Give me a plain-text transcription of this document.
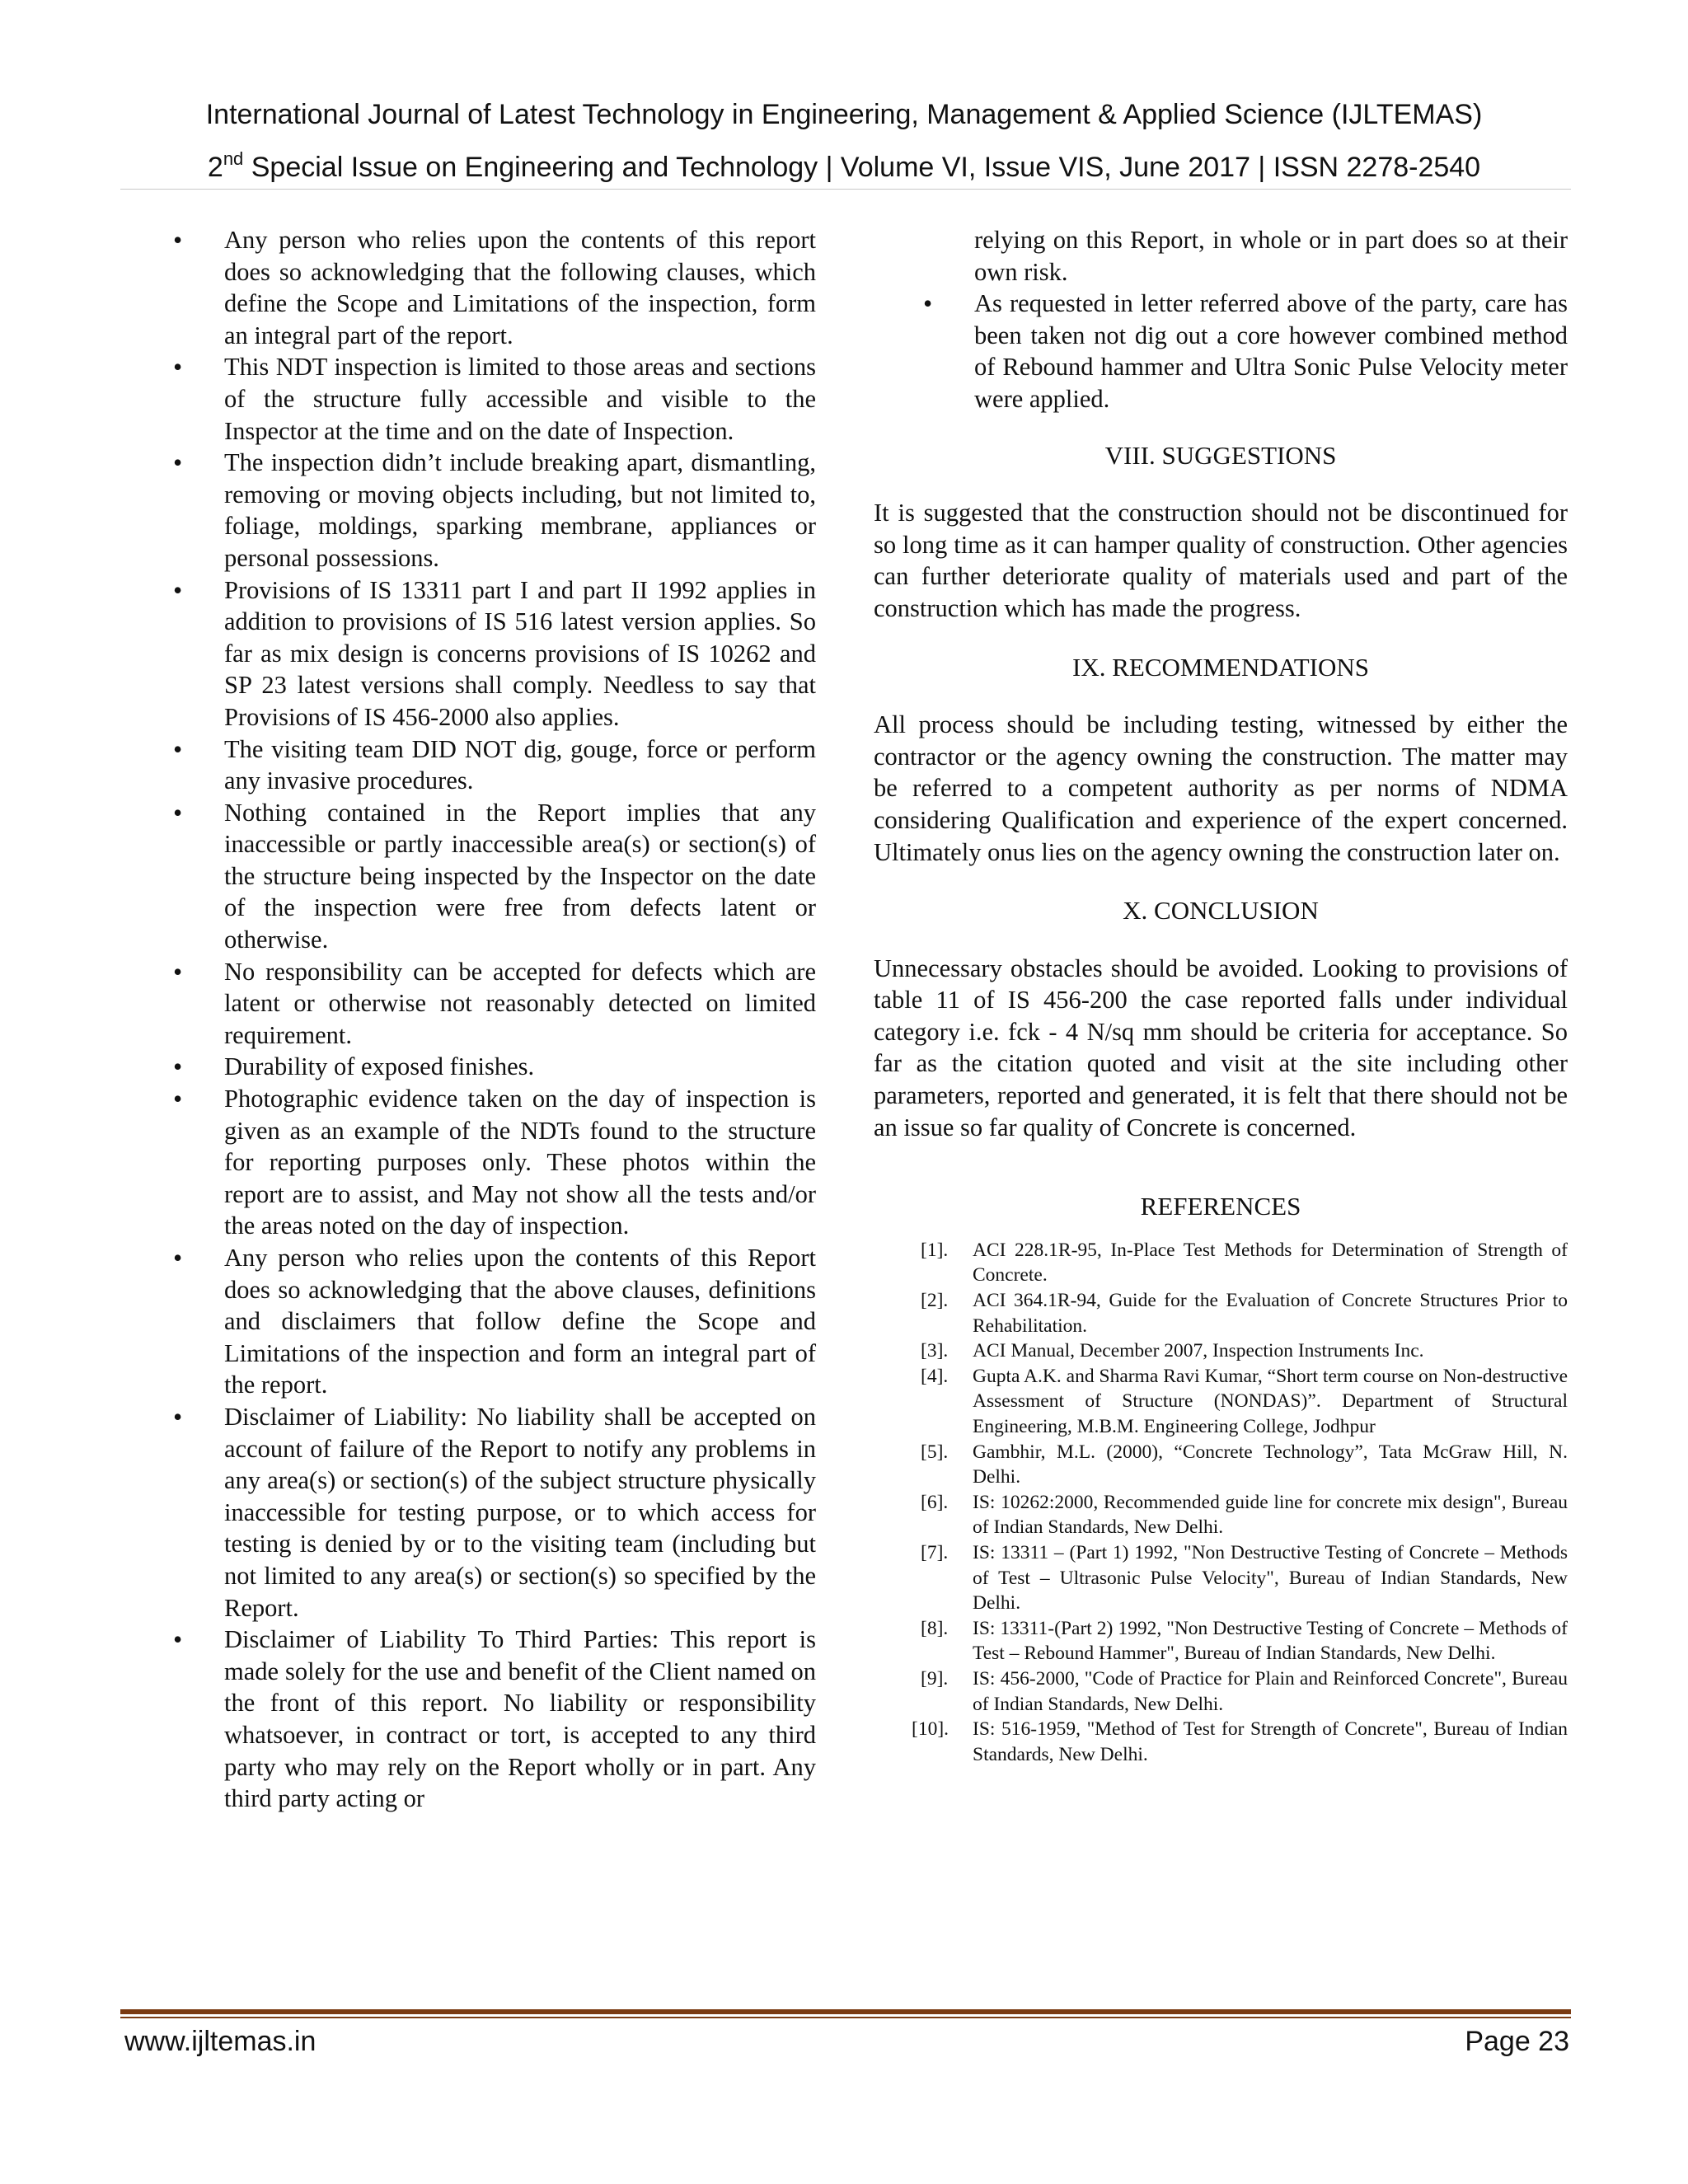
International Journal of Latest Technology in Engineering, Management & Applied Science (IJLTEMAS)
2nd Special Issue on Engineering and Technology | Volume VI, Issue VIS, June 2017 | ISSN 2278-2540
• Any person who relies upon the contents of this report does so acknowledging that the following clauses, which define the Scope and Limitations of the inspection, form an integral part of the report.
• This NDT inspection is limited to those areas and sections of the structure fully accessible and visible to the Inspector at the time and on the date of Inspection.
• The inspection didn’t include breaking apart, dismantling, removing or moving objects including, but not limited to, foliage, moldings, sparking membrane, appliances or personal possessions.
• Provisions of IS 13311 part I and part II 1992 applies in addition to provisions of IS 516 latest version applies. So far as mix design is concerns provisions of IS 10262 and SP 23 latest versions shall comply. Needless to say that Provisions of IS 456-2000 also applies.
• The visiting team DID NOT dig, gouge, force or perform any invasive procedures.
• Nothing contained in the Report implies that any inaccessible or partly inaccessible area(s) or section(s) of the structure being inspected by the Inspector on the date of the inspection were free from defects latent or otherwise.
• No responsibility can be accepted for defects which are latent or otherwise not reasonably detected on limited requirement.
• Durability of exposed finishes.
• Photographic evidence taken on the day of inspection is given as an example of the NDTs found to the structure for reporting purposes only. These photos within the report are to assist, and May not show all the tests and/or the areas noted on the day of inspection.
• Any person who relies upon the contents of this Report does so acknowledging that the above clauses, definitions and disclaimers that follow define the Scope and Limitations of the inspection and form an integral part of the report.
• Disclaimer of Liability: No liability shall be accepted on account of failure of the Report to notify any problems in any area(s) or section(s) of the subject structure physically inaccessible for testing purpose, or to which access for testing is denied by or to the visiting team (including but not limited to any area(s) or section(s) so specified by the Report.
• Disclaimer of Liability To Third Parties: This report is made solely for the use and benefit of the Client named on the front of this report. No liability or responsibility whatsoever, in contract or tort, is accepted to any third party who may rely on the Report wholly or in part. Any third party acting or
relying on this Report, in whole or in part does so at their own risk.
•
As requested in letter referred above of the party, care has been taken not dig out a core however combined method of Rebound hammer and Ultra Sonic Pulse Velocity meter were applied.
VIII. SUGGESTIONS

It is suggested that the construction should not be discontinued for so long time as it can hamper quality of construction. Other agencies can further deteriorate quality of materials used and part of the construction which has made the progress.

IX. RECOMMENDATIONS

All process should be including testing, witnessed by either the contractor or the agency owning the construction. The matter may be referred to a competent authority as per norms of NDMA considering Qualification and experience of the expert concerned. Ultimately onus lies on the agency owning the construction later on.

X. CONCLUSION

Unnecessary obstacles should be avoided. Looking to provisions of table 11 of IS 456-200 the case reported falls under individual category i.e. fck - 4 N/sq mm should be criteria for acceptance. So far as the citation quoted and visit at the site including other parameters, reported and generated, it is felt that there should not be an issue so far quality of Concrete is concerned.

REFERENCES
[1]. ACI 228.1R-95, In-Place Test Methods for Determination of Strength of Concrete.
[2]. ACI 364.1R-94, Guide for the Evaluation of Concrete Structures Prior to Rehabilitation.
[3]. ACI Manual, December 2007, Inspection Instruments Inc.
[4]. Gupta A.K. and Sharma Ravi Kumar, “Short term course on Non-destructive Assessment of Structure (NONDAS)”. Department of Structural Engineering, M.B.M. Engineering College, Jodhpur
[5]. Gambhir, M.L. (2000), “Concrete Technology”, Tata McGraw Hill, N. Delhi.
[6]. IS: 10262:2000, Recommended guide line for concrete mix design", Bureau of Indian Standards, New Delhi.
[7]. IS: 13311 – (Part 1) 1992, "Non Destructive Testing of Concrete – Methods of Test – Ultrasonic Pulse Velocity", Bureau of Indian Standards, New Delhi.
[8]. IS: 13311-(Part 2) 1992, "Non Destructive Testing of Concrete – Methods of Test – Rebound Hammer", Bureau of Indian Standards, New Delhi.
[9]. IS: 456-2000, "Code of Practice for Plain and Reinforced Concrete", Bureau of Indian Standards, New Delhi.
[10]. IS: 516-1959, "Method of Test for Strength of Concrete", Bureau of Indian Standards, New Delhi.
www.ijltemas.in	Page 23
